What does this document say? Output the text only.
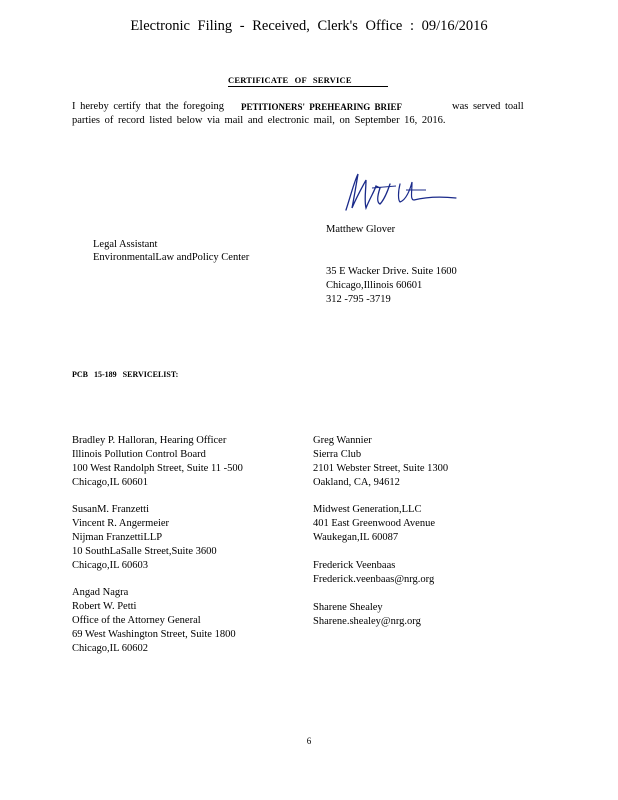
Electronic Filing - Received, Clerk's Office : 09/16/2016
CERTIFICATE OF SERVICE
I hereby certify that the foregoing PETITIONERS' PREHEARING BRIEF	was served toall
parties of record listed below via mail and electronic mail, on September 16, 2016.
Matthew Glover
Legal Assistant
EnvironmentalLaw andPolicy Center
35 E Wacker Drive. Suite 1600
Chicago,Illinois 60601
312 -795 -3719
PCB 15-189 SERVICELIST:
Bradley P. Halloran, Hearing Officer
Illinois Pollution Control Board
100 West Randolph Street, Suite 11 -500
Chicago,IL 60601
SusanM. Franzetti
Vincent R. Angermeier
Nijman FranzettiLLP
10 SouthLaSalle Street,Suite 3600
Chicago,IL 60603
Angad Nagra
Robert W. Petti
Office of the Attorney General
69 West Washington Street, Suite 1800
Chicago,IL 60602
Greg Wannier
Sierra Club
2101 Webster Street, Suite 1300
Oakland, CA, 94612
Midwest Generation,LLC
401 East Greenwood Avenue
Waukegan,IL 60087
Frederick Veenbaas
Frederick.veenbaas@nrg.org
Sharene Shealey
Sharene.shealey@nrg.org
6
